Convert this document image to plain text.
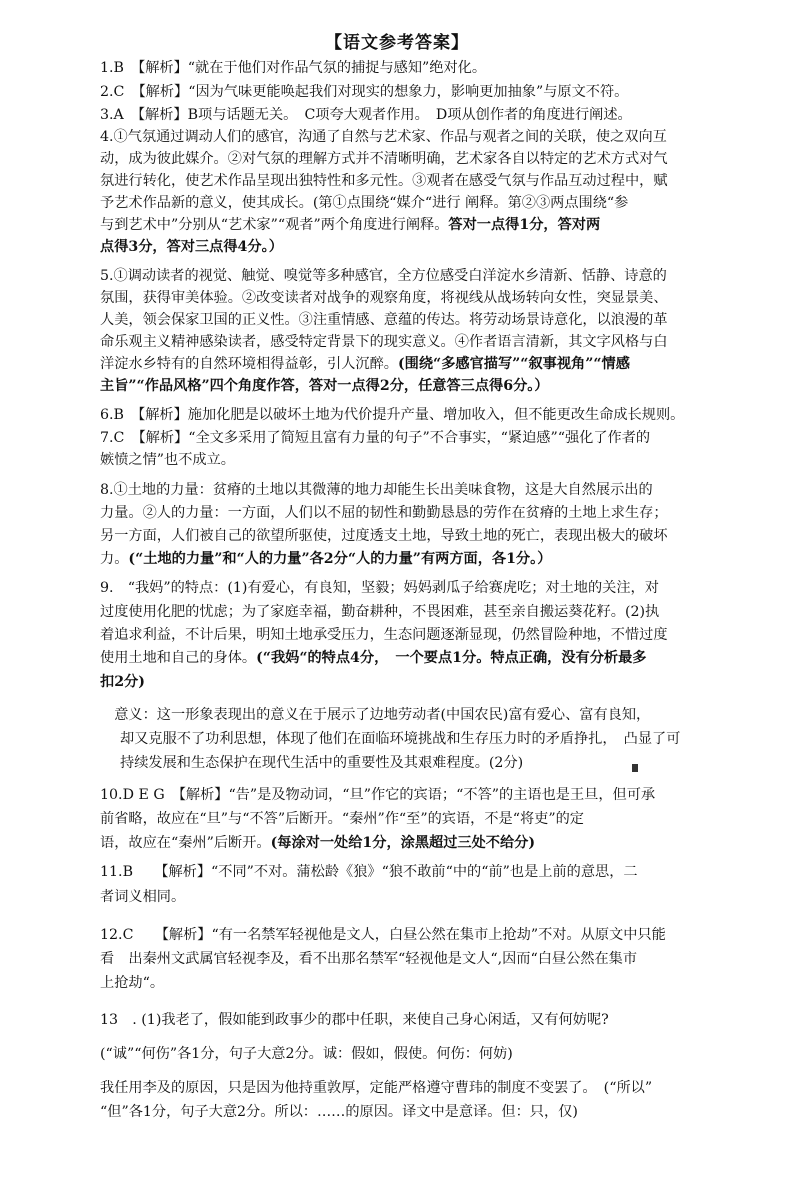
【语文参考答案】
1.B　【解析】“就在于他们对作品气氛的捕捉与感知”绝对化。
2.C　【解析】“因为气味更能唤起我们对现实的想象力，影响更加抽象”与原文不符。
3.A　【解析】B项与话题无关。　C项夸大观者作用。　D项从创作者的角度进行阐述。
4.①气氛通过调动人们的感官，沟通了自然与艺术家、作品与观者之间的关联，使之双向互
动，成为彼此媒介。②对气氛的理解方式并不清晰明确，艺术家各自以特定的艺术方式对气
氛进行转化，使艺术作品呈现出独特性和多元性。③观者在感受气氛与作品互动过程中，赋
予艺术作品新的意义，使其成长。(第①点围绕“媒介“进行 阐释。第②③两点围绕“参
与到艺术中”分别从“艺术家”“观者”两个角度进行阐释。答对一点得1分，答对两
点得3分，答对三点得4分。）
5.①调动读者的视觉、触觉、嗅觉等多种感官，全方位感受白洋淀水乡清新、恬静、诗意的
氛围，获得审美体验。②改变读者对战争的观察角度，将视线从战场转向女性，突显景美、
人美，领会保家卫国的正义性。③注重情感、意蕴的传达。将劳动场景诗意化，以浪漫的革
命乐观主义精神感染读者，感受特定背景下的现实意义。④作者语言清新，其文字风格与白
洋淀水乡特有的自然环境相得益彰，引人沉醉。(围绕“多感官描写”“叙事视角”“情感
主旨”“作品风格”四个角度作答，答对一点得2分，任意答三点得6分。）
6.B　【解析】施加化肥是以破坏土地为代价提升产量、增加收入，但不能更改生命成长规则。
7.C　【解析】“全文多采用了简短且富有力量的句子”不合事实，“紧迫感”“强化了作者的
嫉愤之情”也不成立。
8.①土地的力量：贫瘠的土地以其微薄的地力却能生长出美味食物，这是大自然展示出的
力量。②人的力量：一方面，人们以不屈的韧性和勤勤恳恳的劳作在贫瘠的土地上求生存；
另一方面，人们被自己的欲望所驱使，过度透支土地，导致土地的死亡，表现出极大的破坏
力。(“土地的力量”和“人的力量”各2分“人的力量”有两方面，各1分。）
9.　“我妈”的特点：(1)有爱心，有良知，坚毅；妈妈剥瓜子给赛虎吃；对土地的关注，对
过度使用化肥的忧虑；为了家庭幸福，勤奋耕种，不畏困难，甚至亲自搬运葵花籽。(2)执
着追求利益，不计后果，明知土地承受压力，生态问题逐渐显现，仍然冒险种地，不惜过度
使用土地和自己的身体。(“我妈“的特点4分，　一个要点1分。特点正确，没有分析最多
扣2分)
　意义：这一形象表现出的意义在于展示了边地劳动者(中国农民)富有爱心、富有良知，
却又克服不了功利思想，体现了他们在面临环境挑战和生存压力时的矛盾挣扎，　凸显了可
持续发展和生态保护在现代生活中的重要性及其艰难程度。(2分)
10.D E G　【解析】“告”是及物动词，“旦”作它的宾语；“不答”的主语也是王旦，但可承
前省略，故应在“旦”与“不答”后断开。“秦州”作“至”的宾语，不是“将吏”的定
语，故应在“秦州”后断开。(每涂对一处给1分，涂黑超过三处不给分)
11.B　　【解析】“不同”不对。蒲松龄《狼》“狼不敢前“中的“前”也是上前的意思，二
者词义相同。
12.C　　【解析】“有一名禁军轻视他是文人，白昼公然在集市上抢劫”不对。从原文中只能
看　出秦州文武属官轻视李及，看不出那名禁军“轻视他是文人“,因而“白昼公然在集市
上抢劫“。
13　. (1)我老了，假如能到政事少的郡中任职，来使自己身心闲适，又有何妨呢?
(“诚”“何伤”各1分，句子大意2分。诚：假如，假使。何伤：何妨)
我任用李及的原因，只是因为他持重敦厚，定能严格遵守曹玮的制度不变罢了。　(“所以”
“但”各1分，句子大意2分。所以：……的原因。译文中是意译。但：只，仅)
